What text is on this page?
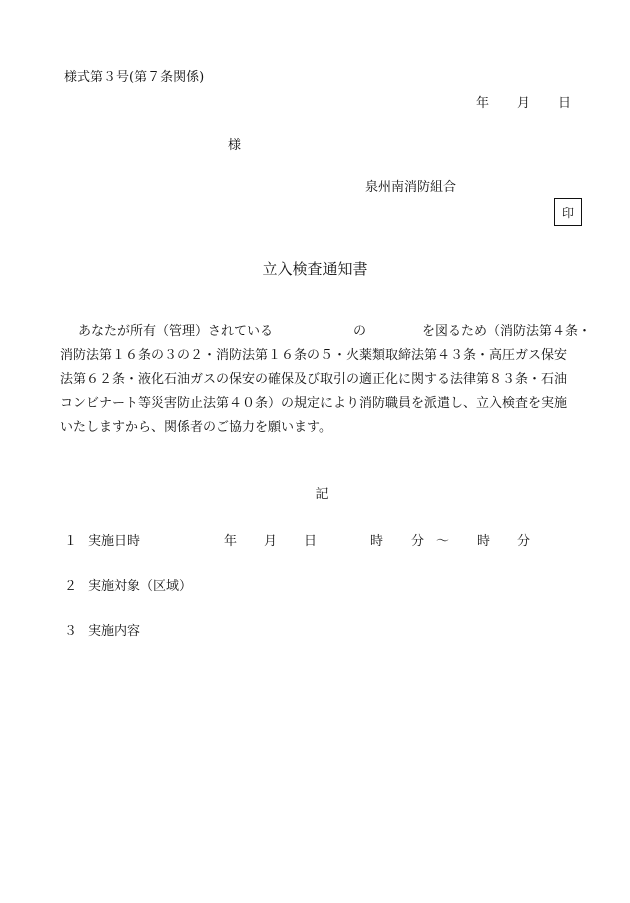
様式第３号(第７条関係)
年 月 日
様
泉州南消防組合
印
立入検査通知書
あなたが所有（管理）されている	の	を図るため（消防法第４条・
消防法第１６条の３の２・消防法第１６条の５・火薬類取締法第４３条・高圧ガス保安
法第６２条・液化石油ガスの保安の確保及び取引の適正化に関する法律第８３条・石油
コンビナート等災害防止法第４０条）の規定により消防職員を派遣し、立入検査を実施
いたしますから、関係者のご協力を願います。
記
１ 実施日時	年 月 日	時 分 〜 時 分
２ 実施対象（区域）
３ 実施内容
